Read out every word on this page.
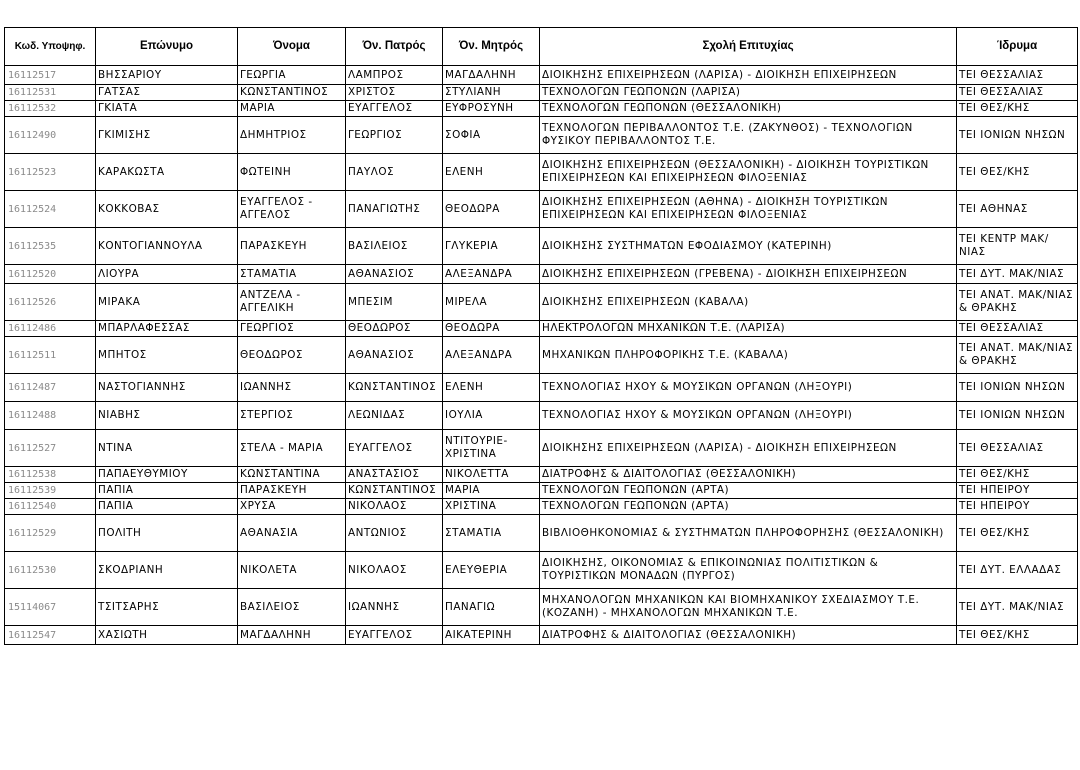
Κωδ. Υποψηφ.	Επώνυμο	Όνομα	Όν. Πατρός	Όν. Μητρός	Σχολή Επιτυχίας	Ίδρυμα
16112517	ΒΗΣΣΑΡΙΟΥ	ΓΕΩΡΓΙΑ	ΛΑΜΠΡΟΣ	ΜΑΓΔΑΛΗΝΗ	ΔΙΟΙΚΗΣΗΣ ΕΠΙΧΕΙΡΗΣΕΩΝ (ΛΑΡΙΣΑ) - ΔΙΟΙΚΗΣΗ ΕΠΙΧΕΙΡΗΣΕΩΝ	ΤΕΙ ΘΕΣΣΑΛΙΑΣ
16112531	ΓΑΤΣΑΣ	ΚΩΝΣΤΑΝΤΙΝΟΣ	ΧΡΙΣΤΟΣ	ΣΤΥΛΙΑΝΗ	ΤΕΧΝΟΛΟΓΩΝ ΓΕΩΠΟΝΩΝ (ΛΑΡΙΣΑ)	ΤΕΙ ΘΕΣΣΑΛΙΑΣ
16112532	ΓΚΙΑΤΑ	ΜΑΡΙΑ	ΕΥΑΓΓΕΛΟΣ	ΕΥΦΡΟΣΥΝΗ	ΤΕΧΝΟΛΟΓΩΝ ΓΕΩΠΟΝΩΝ (ΘΕΣΣΑΛΟΝΙΚΗ)	ΤΕΙ ΘΕΣ/ΚΗΣ
16112490	ΓΚΙΜΙΣΗΣ	ΔΗΜΗΤΡΙΟΣ	ΓΕΩΡΓΙΟΣ	ΣΟΦΙΑ	ΤΕΧΝΟΛΟΓΩΝ ΠΕΡΙΒΑΛΛΟΝΤΟΣ Τ.Ε. (ΖΑΚΥΝΘΟΣ) - ΤΕΧΝΟΛΟΓΙΩΝ ΦΥΣΙΚΟΥ ΠΕΡΙΒΑΛΛΟΝΤΟΣ Τ.Ε.	ΤΕΙ ΙΟΝΙΩΝ ΝΗΣΩΝ
16112523	ΚΑΡΑΚΩΣΤΑ	ΦΩΤΕΙΝΗ	ΠΑΥΛΟΣ	ΕΛΕΝΗ	ΔΙΟΙΚΗΣΗΣ ΕΠΙΧΕΙΡΗΣΕΩΝ (ΘΕΣΣΑΛΟΝΙΚΗ) - ΔΙΟΙΚΗΣΗ ΤΟΥΡΙΣΤΙΚΩΝ ΕΠΙΧΕΙΡΗΣΕΩΝ ΚΑΙ ΕΠΙΧΕΙΡΗΣΕΩΝ ΦΙΛΟΞΕΝΙΑΣ	ΤΕΙ ΘΕΣ/ΚΗΣ
16112524	ΚΟΚΚΟΒΑΣ	ΕΥΑΓΓΕΛΟΣ - ΑΓΓΕΛΟΣ	ΠΑΝΑΓΙΩΤΗΣ	ΘΕΟΔΩΡΑ	ΔΙΟΙΚΗΣΗΣ ΕΠΙΧΕΙΡΗΣΕΩΝ (ΑΘΗΝΑ) - ΔΙΟΙΚΗΣΗ ΤΟΥΡΙΣΤΙΚΩΝ ΕΠΙΧΕΙΡΗΣΕΩΝ ΚΑΙ ΕΠΙΧΕΙΡΗΣΕΩΝ ΦΙΛΟΞΕΝΙΑΣ	ΤΕΙ ΑΘΗΝΑΣ
16112535	ΚΟΝΤΟΓΙΑΝΝΟΥΛΑ	ΠΑΡΑΣΚΕΥΗ	ΒΑΣΙΛΕΙΟΣ	ΓΛΥΚΕΡΙΑ	ΔΙΟΙΚΗΣΗΣ ΣΥΣΤΗΜΑΤΩΝ ΕΦΟΔΙΑΣΜΟΥ (ΚΑΤΕΡΙΝΗ)	ΤΕΙ ΚΕΝΤΡ ΜΑΚ/ΝΙΑΣ
16112520	ΛΙΟΥΡΑ	ΣΤΑΜΑΤΙΑ	ΑΘΑΝΑΣΙΟΣ	ΑΛΕΞΑΝΔΡΑ	ΔΙΟΙΚΗΣΗΣ ΕΠΙΧΕΙΡΗΣΕΩΝ (ΓΡΕΒΕΝΑ) - ΔΙΟΙΚΗΣΗ ΕΠΙΧΕΙΡΗΣΕΩΝ	ΤΕΙ ΔΥΤ. ΜΑΚ/ΝΙΑΣ
16112526	ΜΙΡΑΚΑ	ΑΝΤΖΕΛΑ - ΑΓΓΕΛΙΚΗ	ΜΠΕΣΙΜ	ΜΙΡΕΛΑ	ΔΙΟΙΚΗΣΗΣ ΕΠΙΧΕΙΡΗΣΕΩΝ (ΚΑΒΑΛΑ)	ΤΕΙ ΑΝΑΤ. ΜΑΚ/ΝΙΑΣ & ΘΡΑΚΗΣ
16112486	ΜΠΑΡΛΑΦΕΣΣΑΣ	ΓΕΩΡΓΙΟΣ	ΘΕΟΔΩΡΟΣ	ΘΕΟΔΩΡΑ	ΗΛΕΚΤΡΟΛΟΓΩΝ ΜΗΧΑΝΙΚΩΝ Τ.Ε. (ΛΑΡΙΣΑ)	ΤΕΙ ΘΕΣΣΑΛΙΑΣ
16112511	ΜΠΗΤΟΣ	ΘΕΟΔΩΡΟΣ	ΑΘΑΝΑΣΙΟΣ	ΑΛΕΞΑΝΔΡΑ	ΜΗΧΑΝΙΚΩΝ ΠΛΗΡΟΦΟΡΙΚΗΣ Τ.Ε. (ΚΑΒΑΛΑ)	ΤΕΙ ΑΝΑΤ. ΜΑΚ/ΝΙΑΣ & ΘΡΑΚΗΣ
16112487	ΝΑΣΤΟΓΙΑΝΝΗΣ	ΙΩΑΝΝΗΣ	ΚΩΝΣΤΑΝΤΙΝΟΣ	ΕΛΕΝΗ	ΤΕΧΝΟΛΟΓΙΑΣ ΗΧΟΥ & ΜΟΥΣΙΚΩΝ ΟΡΓΑΝΩΝ (ΛΗΞΟΥΡΙ)	ΤΕΙ ΙΟΝΙΩΝ ΝΗΣΩΝ
16112488	ΝΙΑΒΗΣ	ΣΤΕΡΓΙΟΣ	ΛΕΩΝΙΔΑΣ	ΙΟΥΛΙΑ	ΤΕΧΝΟΛΟΓΙΑΣ ΗΧΟΥ & ΜΟΥΣΙΚΩΝ ΟΡΓΑΝΩΝ (ΛΗΞΟΥΡΙ)	ΤΕΙ ΙΟΝΙΩΝ ΝΗΣΩΝ
16112527	ΝΤΙΝΑ	ΣΤΕΛΑ - ΜΑΡΙΑ	ΕΥΑΓΓΕΛΟΣ	ΝΤΙΤΟΥΡΙΕ-ΧΡΙΣΤΙΝΑ	ΔΙΟΙΚΗΣΗΣ ΕΠΙΧΕΙΡΗΣΕΩΝ (ΛΑΡΙΣΑ) - ΔΙΟΙΚΗΣΗ ΕΠΙΧΕΙΡΗΣΕΩΝ	ΤΕΙ ΘΕΣΣΑΛΙΑΣ
16112538	ΠΑΠΑΕΥΘΥΜΙΟΥ	ΚΩΝΣΤΑΝΤΙΝΑ	ΑΝΑΣΤΑΣΙΟΣ	ΝΙΚΟΛΕΤΤΑ	ΔΙΑΤΡΟΦΗΣ & ΔΙΑΙΤΟΛΟΓΙΑΣ (ΘΕΣΣΑΛΟΝΙΚΗ)	ΤΕΙ ΘΕΣ/ΚΗΣ
16112539	ΠΑΠΙΑ	ΠΑΡΑΣΚΕΥΗ	ΚΩΝΣΤΑΝΤΙΝΟΣ	ΜΑΡΙΑ	ΤΕΧΝΟΛΟΓΩΝ ΓΕΩΠΟΝΩΝ (ΑΡΤΑ)	ΤΕΙ ΗΠΕΙΡΟΥ
16112540	ΠΑΠΙΑ	ΧΡΥΣΑ	ΝΙΚΟΛΑΟΣ	ΧΡΙΣΤΙΝΑ	ΤΕΧΝΟΛΟΓΩΝ ΓΕΩΠΟΝΩΝ (ΑΡΤΑ)	ΤΕΙ ΗΠΕΙΡΟΥ
16112529	ΠΟΛΙΤΗ	ΑΘΑΝΑΣΙΑ	ΑΝΤΩΝΙΟΣ	ΣΤΑΜΑΤΙΑ	ΒΙΒΛΙΟΘΗΚΟΝΟΜΙΑΣ & ΣΥΣΤΗΜΑΤΩΝ ΠΛΗΡΟΦΟΡΗΣΗΣ (ΘΕΣΣΑΛΟΝΙΚΗ)	ΤΕΙ ΘΕΣ/ΚΗΣ
16112530	ΣΚΟΔΡΙΑΝΗ	ΝΙΚΟΛΕΤΑ	ΝΙΚΟΛΑΟΣ	ΕΛΕΥΘΕΡΙΑ	ΔΙΟΙΚΗΣΗΣ, ΟΙΚΟΝΟΜΙΑΣ & ΕΠΙΚΟΙΝΩΝΙΑΣ ΠΟΛΙΤΙΣΤΙΚΩΝ & ΤΟΥΡΙΣΤΙΚΩΝ ΜΟΝΑΔΩΝ (ΠΥΡΓΟΣ)	ΤΕΙ ΔΥΤ. ΕΛΛΑΔΑΣ
15114067	ΤΣΙΤΣΑΡΗΣ	ΒΑΣΙΛΕΙΟΣ	ΙΩΑΝΝΗΣ	ΠΑΝΑΓΙΩ	ΜΗΧΑΝΟΛΟΓΩΝ ΜΗΧΑΝΙΚΩΝ ΚΑΙ ΒΙΟΜΗΧΑΝΙΚΟΥ ΣΧΕΔΙΑΣΜΟΥ Τ.Ε. (ΚΟΖΑΝΗ) - ΜΗΧΑΝΟΛΟΓΩΝ ΜΗΧΑΝΙΚΩΝ Τ.Ε.	ΤΕΙ ΔΥΤ. ΜΑΚ/ΝΙΑΣ
16112547	ΧΑΣΙΩΤΗ	ΜΑΓΔΑΛΗΝΗ	ΕΥΑΓΓΕΛΟΣ	ΑΙΚΑΤΕΡΙΝΗ	ΔΙΑΤΡΟΦΗΣ & ΔΙΑΙΤΟΛΟΓΙΑΣ (ΘΕΣΣΑΛΟΝΙΚΗ)	ΤΕΙ ΘΕΣ/ΚΗΣ
